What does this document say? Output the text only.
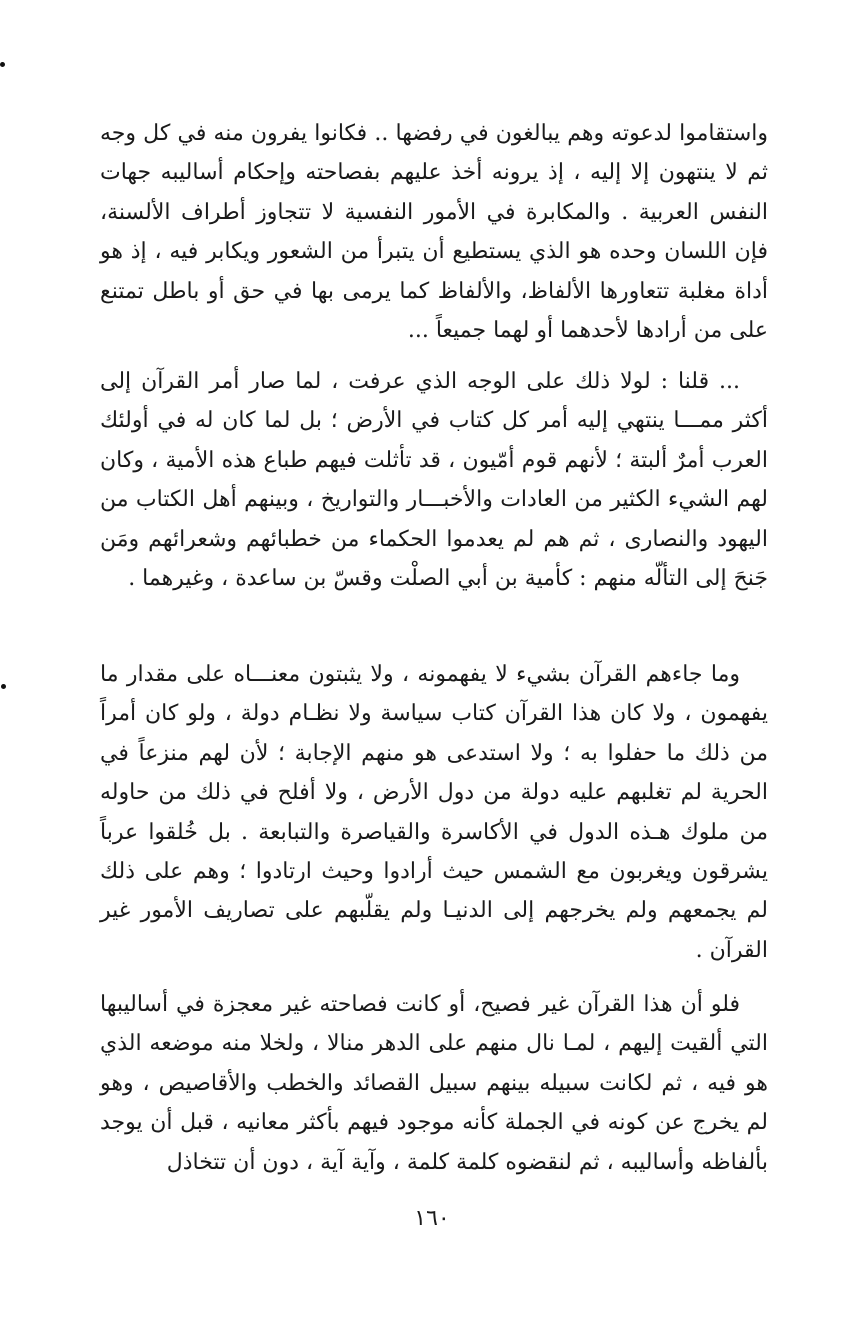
واستقاموا لدعوته وهم يبالغون في رفضها .. فكانوا يفرون منه في كل وجه ثم لا ينتهون إلا إليه ، إذ يرونه أخذ عليهم بفصاحته وإحكام أساليبه جهات النفس العربية . والمكابرة في الأمور النفسية لا تتجاوز أطراف الألسنة، فإن اللسان وحده هو الذي يستطيع أن يتبرأ من الشعور ويكابر فيه ، إذ هو أداة مغلبة تتعاورها الألفاظ، والألفاظ كما يرمى بها في حق أو باطل تمتنع على من أرادها لأحدهما أو لهما جميعاً ...

... قلنا : لولا ذلك على الوجه الذي عرفت ، لما صار أمر القرآن إلى أكثر ممـــا ينتهي إليه أمر كل كتاب في الأرض ؛ بل لما كان له في أولئك العرب أمرٌ ألبتة ؛ لأنهم قوم أمّيون ، قد تأثلت فيهم طباع هذه الأمية ، وكان لهم الشيء الكثير من العادات والأخبـــار والتواريخ ، وبينهم أهل الكتاب من اليهود والنصارى ، ثم هم لم يعدموا الحكماء من خطبائهم وشعرائهم ومَن جَنحَ إلى التألّه منهم : كأمية بن أبي الصلْت وقسّ بن ساعدة ، وغيرهما .

وما جاءهم القرآن بشيء لا يفهمونه ، ولا يثبتون معنـــاه على مقدار ما يفهمون ، ولا كان هذا القرآن كتاب سياسة ولا نظـام دولة ، ولو كان أمراً من ذلك ما حفلوا به ؛ ولا استدعى هو منهم الإجابة ؛ لأن لهم منزعاً في الحرية لم تغلبهم عليه دولة من دول الأرض ، ولا أفلح في ذلك من حاوله من ملوك هـذه الدول في الأكاسرة والقياصرة والتبابعة . بل خُلقوا عرباً يشرقون ويغربون مع الشمس حيث أرادوا وحيث ارتادوا ؛ وهم على ذلك لم يجمعهم ولم يخرجهم إلى الدنيـا ولم يقلّبهم على تصاريف الأمور غير القرآن .

فلو أن هذا القرآن غير فصيح، أو كانت فصاحته غير معجزة في أساليبها التي ألقيت إليهم ، لمـا نال منهم على الدهر منالا ، ولخلا منه موضعه الذي هو فيه ، ثم لكانت سبيله بينهم سبيل القصائد والخطب والأقاصيص ، وهو لم يخرج عن كونه في الجملة كأنه موجود فيهم بأكثر معانيه ، قبل أن يوجد بألفاظه وأساليبه ، ثم لنقضوه كلمة كلمة ، وآية آية ، دون أن تتخاذل

١٦٠
